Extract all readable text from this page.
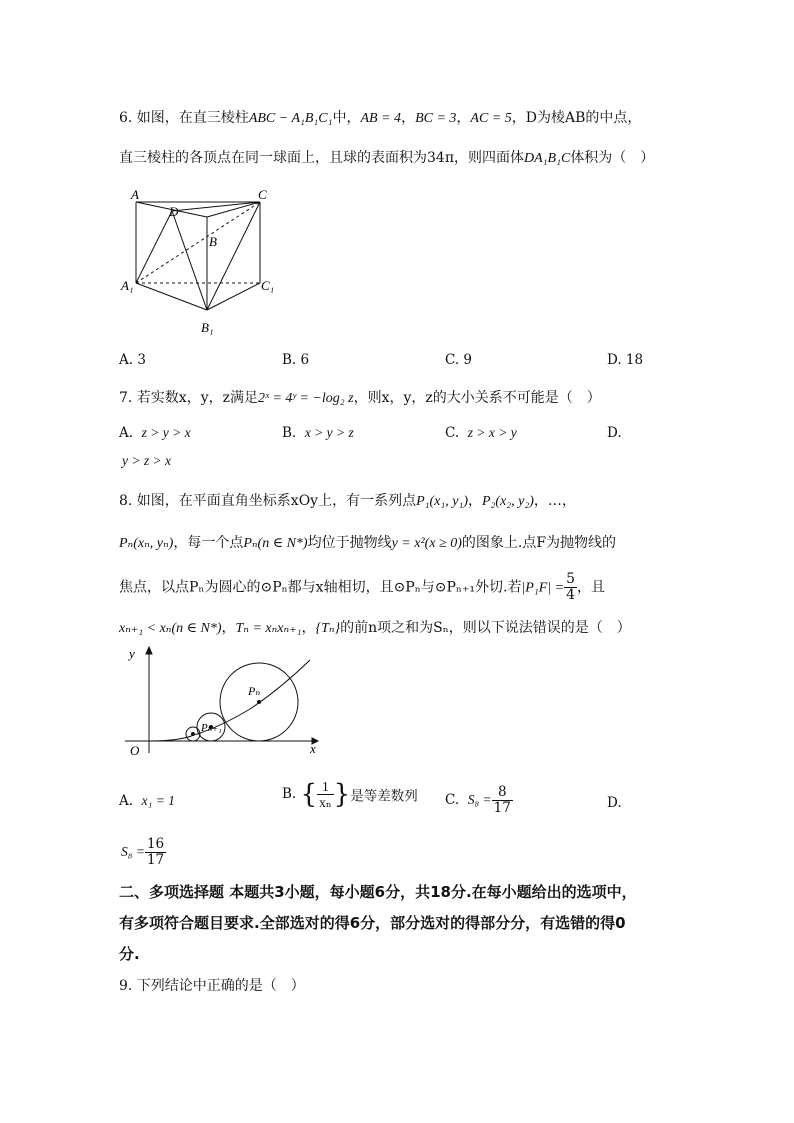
6. 如图，在直三棱柱ABC − A₁B₁C₁中，AB = 4，BC = 3，AC = 5，D为棱AB的中点，
直三棱柱的各顶点在同一球面上，且球的表面积为34π，则四面体DA₁B₁C体积为（　）
A	C
D
B
A₁	C₁
B₁
A. 3	B. 6	C. 9	D. 18
7. 若实数x，y，z满足2ˣ = 4ʸ = −log₂ z，则x，y，z的大小关系不可能是（　）
A. z > y > x	B. x > y > z	C. z > x > y	D.
y > z > x
8. 如图，在平面直角坐标系xOy上，有一系列点P₁(x₁, y₁)，P₂(x₂, y₂)，…，
Pₙ(xₙ, yₙ)，每一个点Pₙ(n ∈ N*)均位于抛物线y = x²(x ≥ 0)的图象上.点F为抛物线的
焦点，以点Pₙ为圆心的⊙Pₙ都与x轴相切，且⊙Pₙ与⊙Pₙ₊₁外切.若$|P_1F| = \frac{5}{4}$ ，且
xₙ₊₁ < xₙ(n ∈ N*)，Tₙ = xₙxₙ₊₁，{Tₙ}的前n项之和为Sₙ，则以下说法错误的是（　）
y
x
O
Pₙ
Pₙ₊₁
A. x₁ = 1	B. { $\frac{1}{\text{xₙ}}$ }是等差数列 C. $S_8 = \frac{8}{17}$	D.
$S_8 = \frac{16}{17}$
二、多项选择题 本题共3小题，每小题6分，共18分.在每小题给出的选项中，
有多项符合题目要求.全部选对的得6分，部分选对的得部分分，有选错的得0
分.
9. 下列结论中正确的是（　）
